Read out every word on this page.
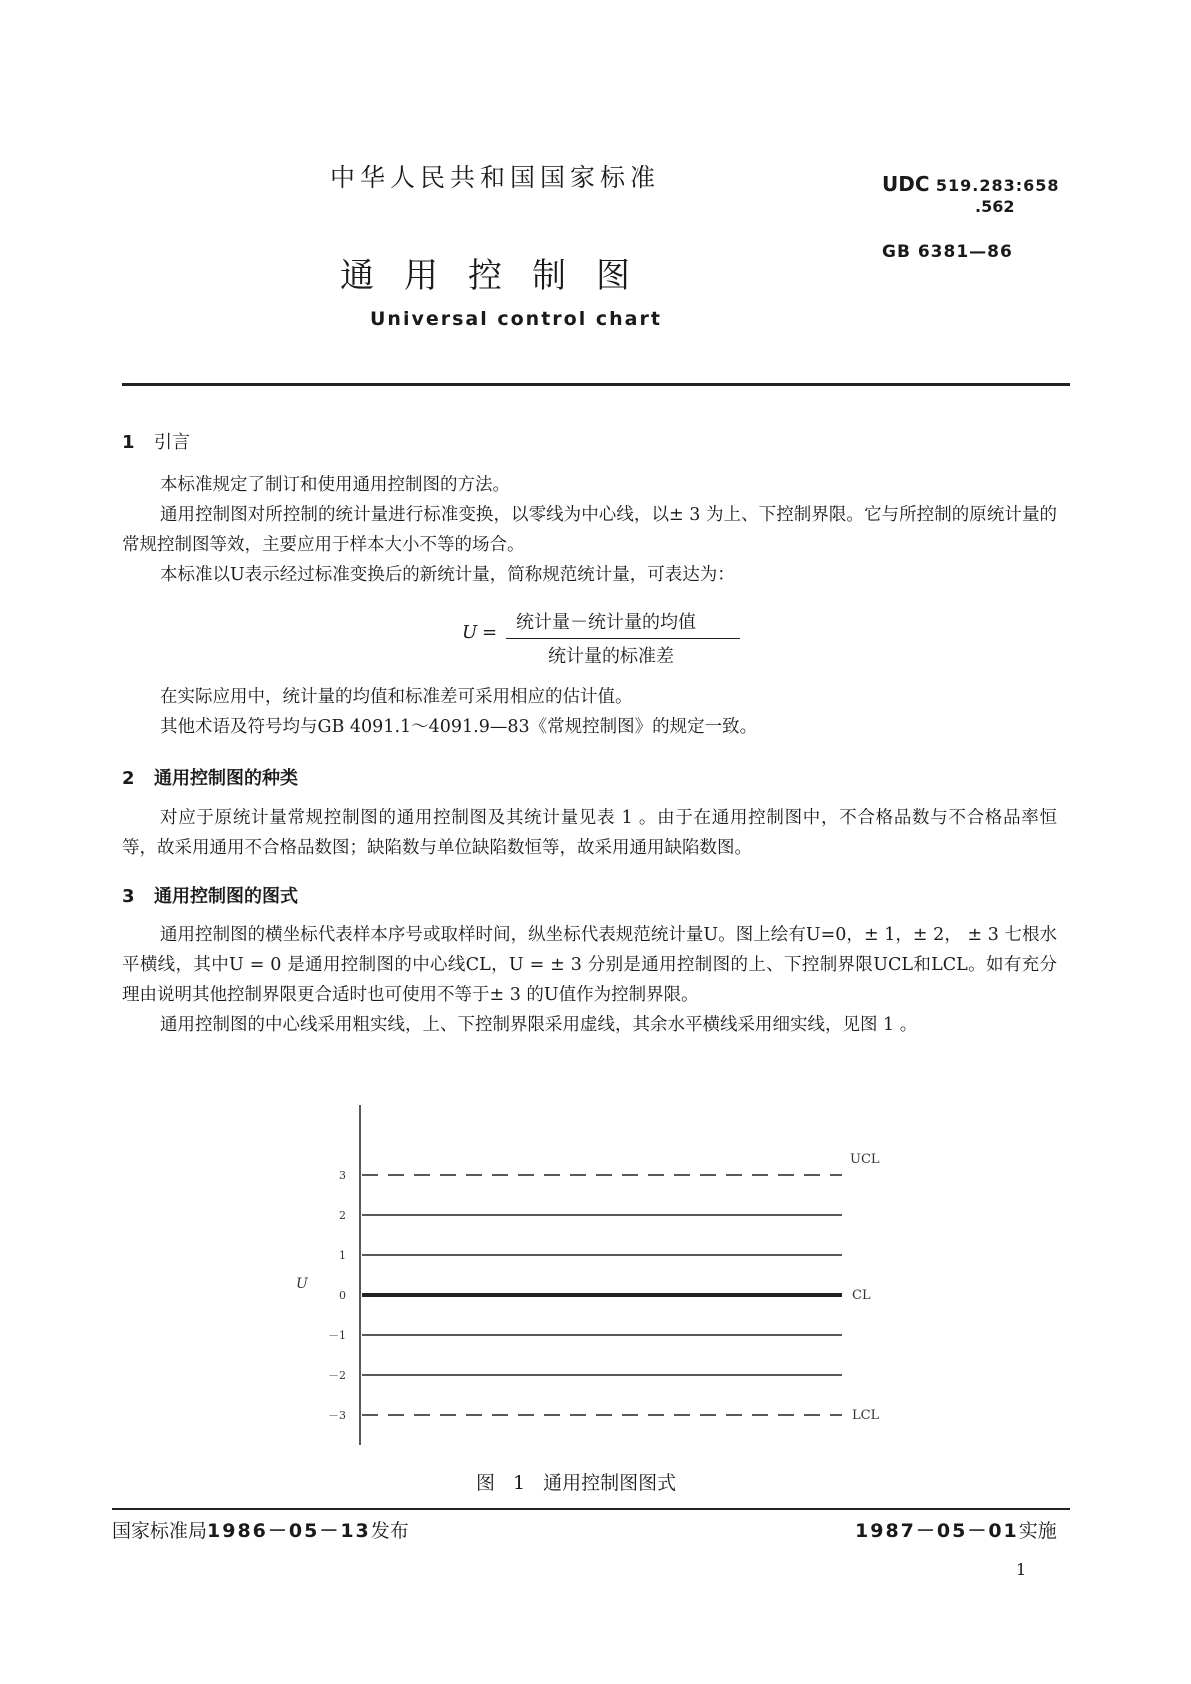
中华人民共和国国家标准	UDC 519.283:658
.562
GB 6381—86
通用控制图
Universal control chart
1 引言

本标准规定了制订和使用通用控制图的方法。

通用控制图对所控制的统计量进行标准变换，以零线为中心线，以± 3 为上、下控制界限。它与所控制的原统计量的常规控制图等效，主要应用于样本大小不等的场合。

本标准以U表示经过标准变换后的新统计量，简称规范统计量，可表达为：

U = 统计量－统计量的均值
统计量的标准差

在实际应用中，统计量的均值和标准差可采用相应的估计值。

其他术语及符号均与GB 4091.1～4091.9—83《常规控制图》的规定一致。

2 通用控制图的种类

对应于原统计量常规控制图的通用控制图及其统计量见表 1 。由于在通用控制图中，不合格品数与不合格品率恒等，故采用通用不合格品数图；缺陷数与单位缺陷数恒等，故采用通用缺陷数图。

3 通用控制图的图式

通用控制图的横坐标代表样本序号或取样时间，纵坐标代表规范统计量U。图上绘有U=0，± 1，± 2， ± 3 七根水平横线，其中U = 0 是通用控制图的中心线CL，U = ± 3 分别是通用控制图的上、下控制界限UCL和LCL。如有充分理由说明其他控制界限更合适时也可使用不等于± 3 的U值作为控制界限。

通用控制图的中心线采用粗实线，上、下控制界限采用虚线，其余水平横线采用细实线，见图 1 。

3
UCL
2
1
0	CL
－1
－2
－3	LCL
U
图 1 通用控制图图式
国家标准局1986－05－13发布	1987－05－01实施
1
